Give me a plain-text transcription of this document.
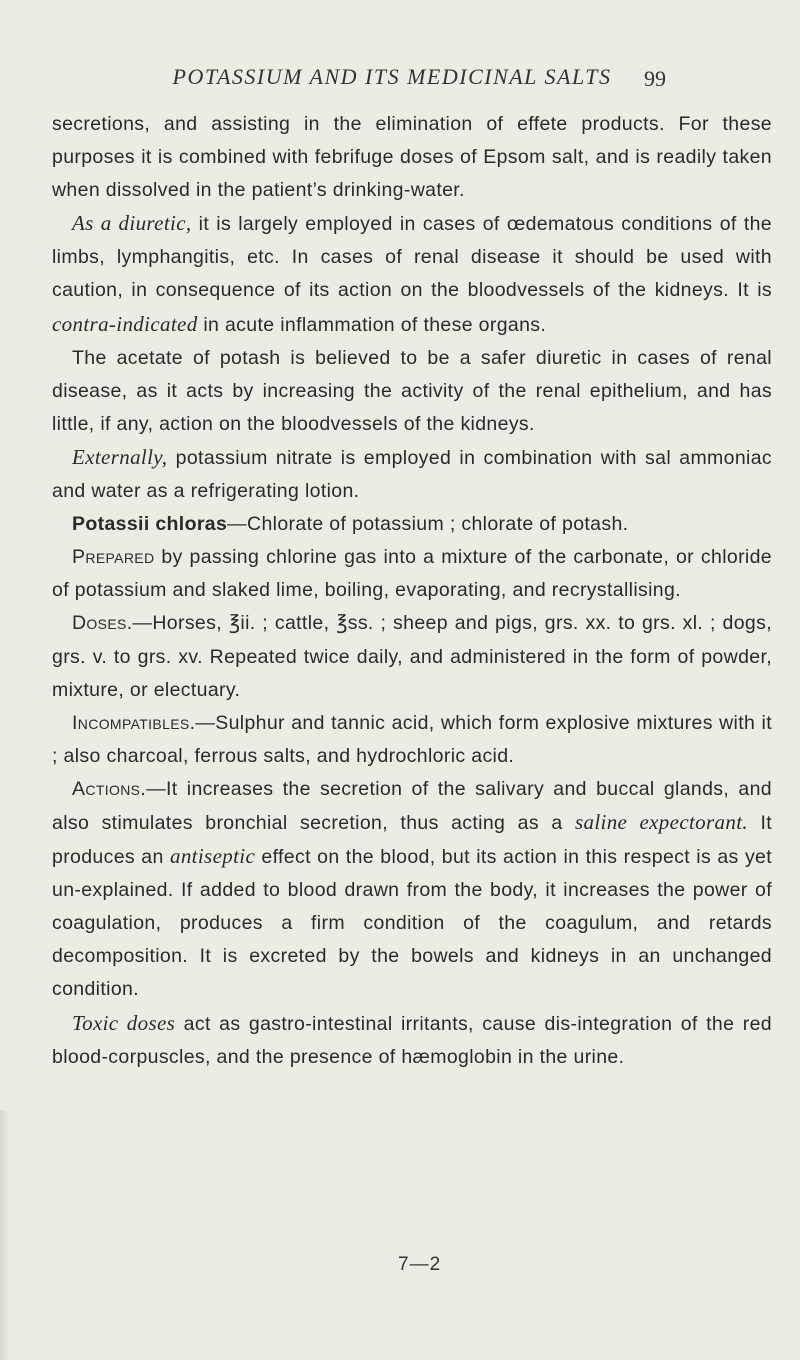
POTASSIUM AND ITS MEDICINAL SALTS	99

secretions, and assisting in the elimination of effete products. For these purposes it is combined with febrifuge doses of Epsom salt, and is readily taken when dissolved in the patient’s drinking-water.

As a diuretic, it is largely employed in cases of œdematous conditions of the limbs, lymphangitis, etc. In cases of renal disease it should be used with caution, in consequence of its action on the bloodvessels of the kidneys. It is contra-indicated in acute inflammation of these organs.

The acetate of potash is believed to be a safer diuretic in cases of renal disease, as it acts by increasing the activity of the renal epithelium, and has little, if any, action on the bloodvessels of the kidneys.

Externally, potassium nitrate is employed in combination with sal ammoniac and water as a refrigerating lotion.

Potassii chloras—Chlorate of potassium ; chlorate of potash.

Prepared by passing chlorine gas into a mixture of the carbonate, or chloride of potassium and slaked lime, boiling, evaporating, and recrystallising.

Doses.—Horses, ℥ii. ; cattle, ℥ss. ; sheep and pigs, grs. xx. to grs. xl. ; dogs, grs. v. to grs. xv. Repeated twice daily, and administered in the form of powder, mixture, or electuary.

Incompatibles.—Sulphur and tannic acid, which form explosive mixtures with it ; also charcoal, ferrous salts, and hydrochloric acid.

Actions.—It increases the secretion of the salivary and buccal glands, and also stimulates bronchial secretion, thus acting as a saline expectorant. It produces an antiseptic effect on the blood, but its action in this respect is as yet un-explained. If added to blood drawn from the body, it increases the power of coagulation, produces a firm condition of the coagulum, and retards decomposition. It is excreted by the bowels and kidneys in an unchanged condition.

Toxic doses act as gastro-intestinal irritants, cause dis-integration of the red blood-corpuscles, and the presence of hæmoglobin in the urine.

7—2
